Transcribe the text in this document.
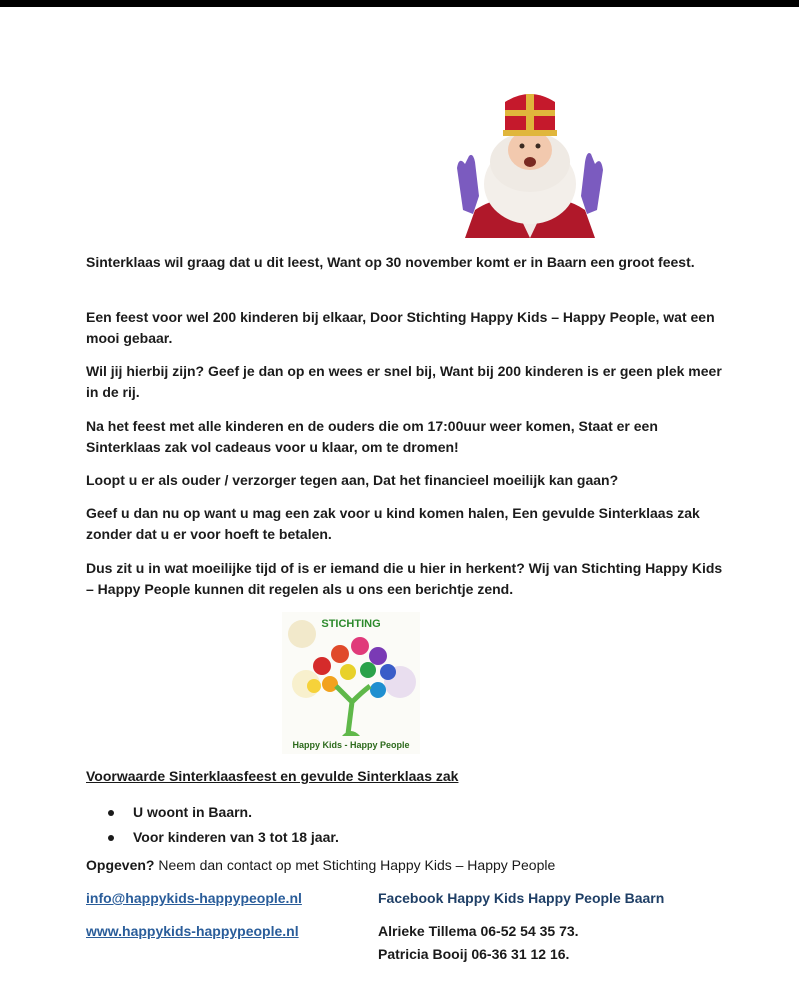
Sinterklaas wil graag dat u dit leest, Want op 30 november komt er in Baarn een groot feest.
Een feest voor wel 200 kinderen bij elkaar, Door Stichting Happy Kids – Happy People, wat een mooi gebaar.
Wil jij hierbij zijn? Geef je dan op en wees er snel bij, Want bij 200 kinderen is er geen plek meer in de rij.
Na het feest met alle kinderen en de ouders die om 17:00uur weer komen, Staat er een Sinterklaas zak vol cadeaus voor u klaar, om te dromen!
Loopt u er als ouder / verzorger tegen aan, Dat het financieel moeilijk kan gaan?
Geef u dan nu op want u mag een zak voor u kind komen halen, Een gevulde Sinterklaas zak zonder dat u er voor hoeft te betalen.
Dus zit u in wat moeilijke tijd of is er iemand die u hier in herkent? Wij van Stichting Happy Kids – Happy People kunnen dit regelen als u ons een berichtje zend.
STICHTING
Happy Kids - Happy People
Voorwaarde Sinterklaasfeest en gevulde Sinterklaas zak
U woont in Baarn.
Voor kinderen van 3 tot 18 jaar.
Opgeven? Neem dan contact op met Stichting Happy Kids – Happy People
info@happykids-happypeople.nl
www.happykids-happypeople.nl
Facebook Happy Kids Happy People Baarn
Alrieke Tillema 06-52 54 35 73.
Patricia Booij 06-36 31 12 16.
